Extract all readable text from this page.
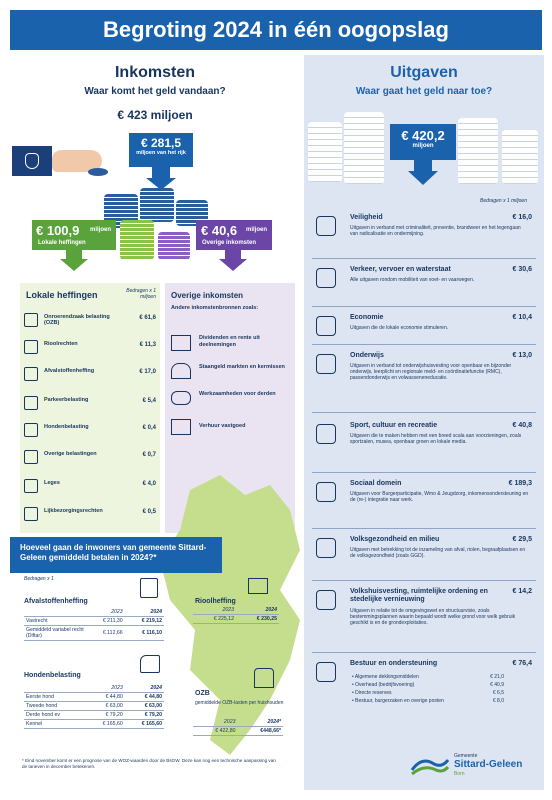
Begroting 2024 in één oogopslag
Inkomsten
Waar komt het geld vandaan?
€ 423 miljoen
€ 281,5
miljoen van het rijk
€ 100,9 miljoen
Lokale heffingen
€ 40,6 miljoen
Overige inkomsten
Lokale heffingen	Bedragen x 1 miljoen
Onroerendzaak belasting (OZB)
€ 61,6
Rioolrechten	€ 11,3
Afvalstoffenheffing	€ 17,0
Parkeerbelasting	€ 5,4
Hondenbelasting	€ 0,4
Overige belastingen	€ 0,7
Leges	€ 4,0
Lijkbezorgingsrechten	€ 0,5
Overige inkomsten
Andere inkomstenbronnen zoals:
Dividenden en rente uit deelnemingen
Staangeld markten en kermissen
Werkzaamheden voor derden
Verhuur vastgoed
Hoeveel gaan de inwoners van gemeente Sittard-Geleen gemiddeld betalen in 2024?*
Bedragen x 1
Afvalstoffenheffing
	2023	2024
Vastrecht	€ 211,30	€ 219,12
Gemiddeld variabel recht (Diftar)	€ 112,66	€ 116,10
Hondenbelasting
	2023	2024
Eerste hond	€ 44,80	€ 44,80
Tweede hond	€ 63,00	€ 63,00
Derde hond ev	€ 79,20	€ 79,20
Kennel	€ 165,60	€ 165,60
Rioolheffing
2023	2024
€ 225,12	€ 230,25
OZB
gemiddelde OZB-lasten per huishouden
2023	2024*
€ 422,80	€448,66*
* Eind november komt er een prognose van de WOZ-waarden door de BsGW. Deze kan nog een technische aanpassing van de tarieven in december betekenen.
Uitgaven
Waar gaat het geld naar toe?
€ 420,2
miljoen
Bedragen x 1 miljoen
Veiligheid	€ 16,0
Uitgaven in verband met criminaliteit, preventie, brandweer en het tegengaan van radicalisatie en ondermijning.
Verkeer, vervoer en waterstaat	€ 30,6
Alle uitgaven rondom mobiliteit van voet- en vaarwegen.
Economie	€ 10,4
Uitgaven die de lokale economie stimuleren.
Onderwijs	€ 13,0
Uitgaven in verband tot onderwijshuisvesting voor openbaar en bijzonder onderwijs, leerplicht en regionale meld- en coördinatiefunctie (RMC), passendonderwijs en volwasseneneducatie.
Sport, cultuur en recreatie	€ 40,8
Uitgaven die te maken hebben met een breed scala aan voorzieningen, zoals sportzalen, musea, openbaar groen en lokale media.
Sociaal domein	€ 189,3
Uitgaven voor Burgerparticipatie, Wmo & Jeugdzorg, inkomensondersteuning en de (re-) integratie naar werk.
Volksgezondheid en milieu	€ 29,5
Uitgaven met betrekking tot de inzameling van afval, riolen, begraafplaatsen en de volksgezondheid (zoals GGD).
Volkshuisvesting, ruimtelijke ordening en stedelijke vernieuwing
€ 14,2
Uitgaven in relatie tot de omgevingswet en structuurvisie, zoals bestemmingsplannen waarin bepaald wordt welke grond voor welk gebruik geschikt is en de grondexploitaties.
Bestuur en ondersteuning	€ 76,4
• Algemene dekkingsmiddelen	€ 21,0
• Overhead (bedrijfsvoering)	€ 40,9
• Directe reserves	€ 6,5
• Bestuur, burgerzaken en overige posten	€ 8,0
Gemeente
Sittard-Geleen
Born
